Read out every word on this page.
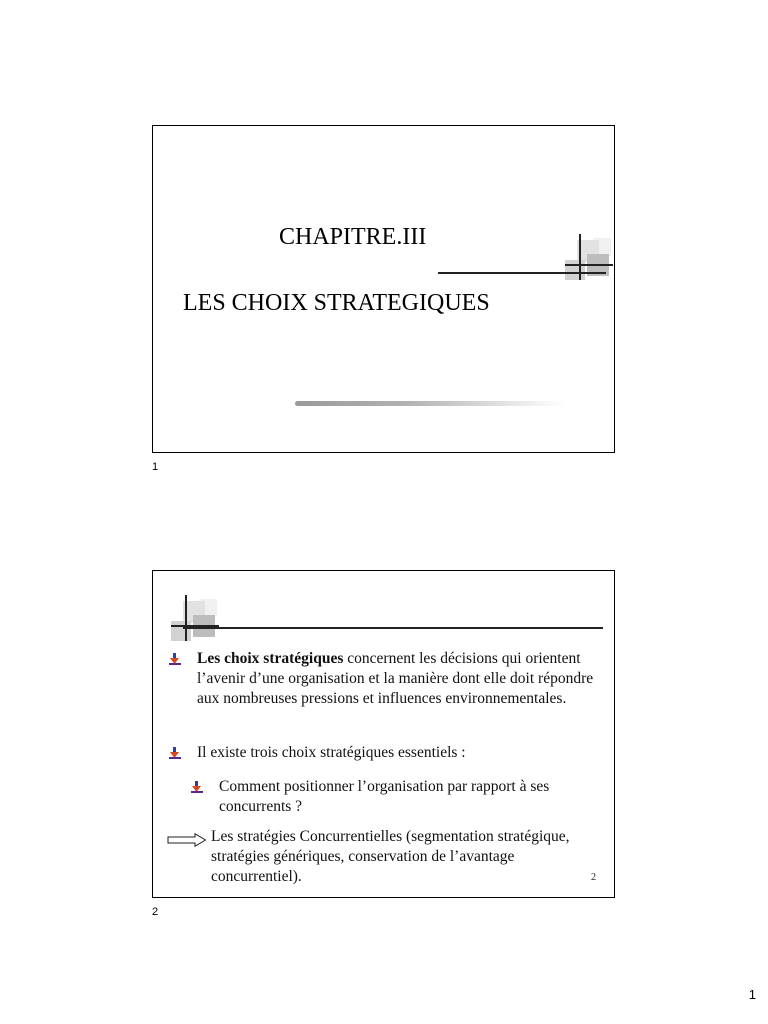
CHAPITRE.III
LES CHOIX STRATEGIQUES
1
Les choix stratégiques concernent les décisions qui orientent l’avenir d’une organisation et la manière dont elle doit répondre aux nombreuses pressions et influences environnementales.
Il existe trois choix stratégiques essentiels :
Comment positionner l’organisation par rapport à ses concurrents ?
Les stratégies Concurrentielles (segmentation stratégique, stratégies génériques, conservation de l’avantage concurrentiel).	2
2
1
